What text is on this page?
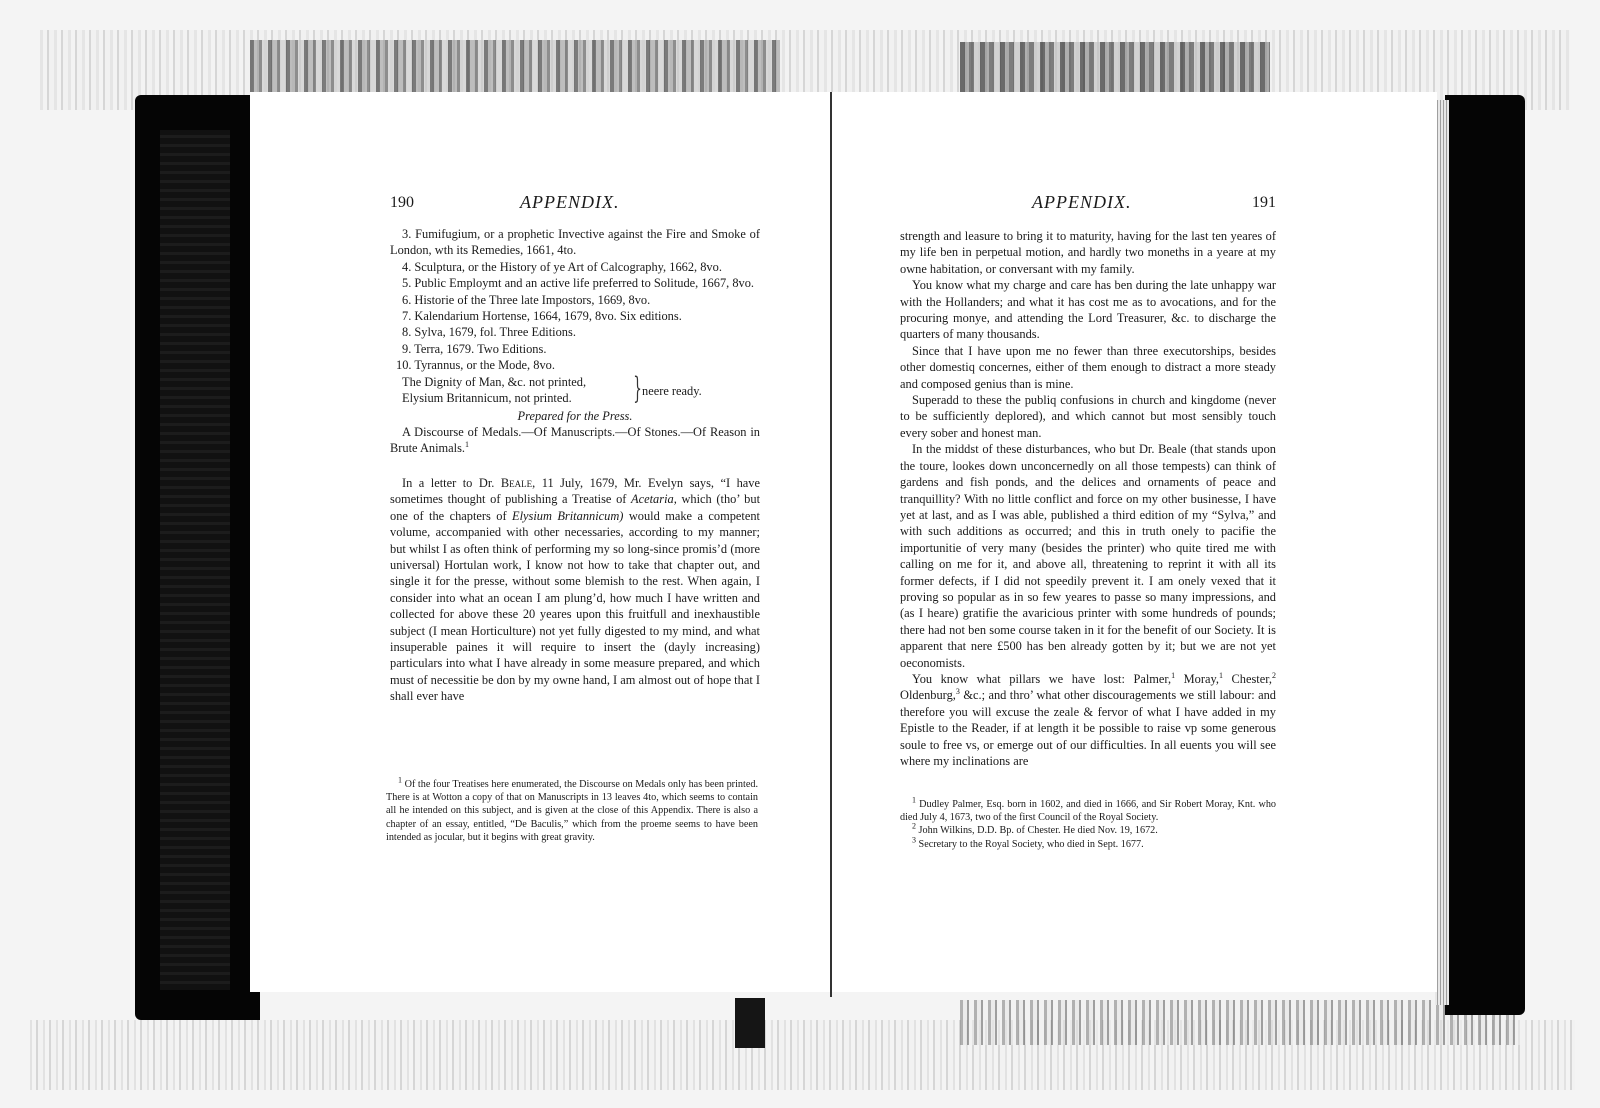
190	APPENDIX.

3. Fumifugium, or a prophetic Invective against the Fire and Smoke of London, wth its Remedies, 1661, 4to.

4. Sculptura, or the History of ye Art of Calcography, 1662, 8vo.

5. Public Employmt and an active life preferred to Solitude, 1667, 8vo.

6. Historie of the Three late Impostors, 1669, 8vo.

7. Kalendarium Hortense, 1664, 1679, 8vo. Six editions.

8. Sylva, 1679, fol. Three Editions.

9. Terra, 1679. Two Editions.

10. Tyrannus, or the Mode, 8vo.

The Dignity of Man, &c. not printed,

Elysium Britannicum, not printed.	} neere ready.

Prepared for the Press.

A Discourse of Medals.—Of Manuscripts.—Of Stones.—Of Reason in Brute Animals.$^1$

In a letter to Dr. Beale, 11 July, 1679, Mr. Evelyn says, “I have sometimes thought of publishing a Treatise of Acetaria, which (tho’ but one of the chapters of Elysium Britannicum) would make a competent volume, accompanied with other necessaries, according to my manner; but whilst I as often think of performing my so long-since promis’d (more universal) Hortulan work, I know not how to take that chapter out, and single it for the presse, without some blemish to the rest. When again, I consider into what an ocean I am plung’d, how much I have written and collected for above these 20 yeares upon this fruitfull and inexhaustible subject (I mean Horticulture) not yet fully digested to my mind, and what insuperable paines it will require to insert the (dayly increasing) particulars into what I have already in some measure prepared, and which must of necessitie be don by my owne hand, I am almost out of hope that I shall ever have

$^1$ Of the four Treatises here enumerated, the Discourse on Medals only has been printed. There is at Wotton a copy of that on Manuscripts in 13 leaves 4to, which seems to contain all he intended on this subject, and is given at the close of this Appendix. There is also a chapter of an essay, entitled, “De Baculis,” which from the proeme seems to have been intended as jocular, but it begins with great gravity.

APPENDIX.	191

strength and leasure to bring it to maturity, having for the last ten yeares of my life ben in perpetual motion, and hardly two moneths in a yeare at my owne habitation, or conversant with my family.

You know what my charge and care has ben during the late unhappy war with the Hollanders; and what it has cost me as to avocations, and for the procuring monye, and attending the Lord Treasurer, &c. to discharge the quarters of many thousands.

Since that I have upon me no fewer than three executorships, besides other domestiq concernes, either of them enough to distract a more steady and composed genius than is mine.

Superadd to these the publiq confusions in church and kingdome (never to be sufficiently deplored), and which cannot but most sensibly touch every sober and honest man.

In the middst of these disturbances, who but Dr. Beale (that stands upon the toure, lookes down unconcernedly on all those tempests) can think of gardens and fish ponds, and the delices and ornaments of peace and tranquillity? With no little conflict and force on my other businesse, I have yet at last, and as I was able, published a third edition of my “Sylva,” and with such additions as occurred; and this in truth onely to pacifie the importunitie of very many (besides the printer) who quite tired me with calling on me for it, and above all, threatening to reprint it with all its former defects, if I did not speedily prevent it. I am onely vexed that it proving so popular as in so few yeares to passe so many impressions, and (as I heare) gratifie the avaricious printer with some hundreds of pounds; there had not ben some course taken in it for the benefit of our Society. It is apparent that nere £500 has ben already gotten by it; but we are not yet oeconomists.

You know what pillars we have lost: Palmer,$^1$ Moray,$^1$ Chester,$^2$ Oldenburg,$^3$ &c.; and thro’ what other discouragements we still labour: and therefore you will excuse the zeale & fervor of what I have added in my Epistle to the Reader, if at length it be possible to raise vp some generous soule to free vs, or emerge out of our difficulties. In all euents you will see where my inclinations are

$^1$ Dudley Palmer, Esq. born in 1602, and died in 1666, and Sir Robert Moray, Knt. who died July 4, 1673, two of the first Council of the Royal Society.

$^2$ John Wilkins, D.D. Bp. of Chester. He died Nov. 19, 1672.

$^3$ Secretary to the Royal Society, who died in Sept. 1677.
